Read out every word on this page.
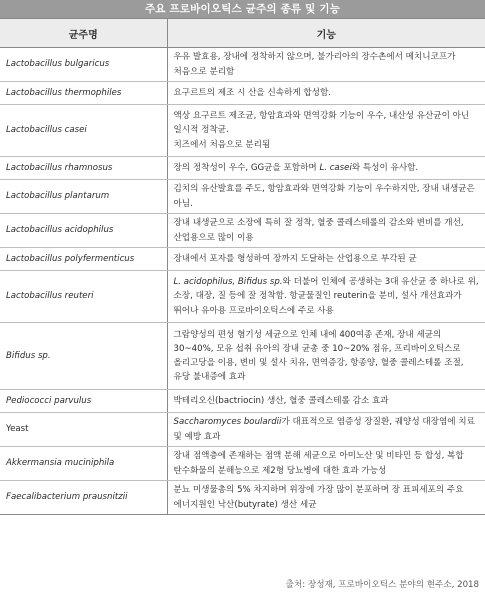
주요 프로바이오틱스 균주의 종류 및 기능
균주명	기능
Lactobacillus bulgaricus	우유 발효용, 장내에 정착하지 않으며, 불가리아의 장수촌에서 메치니코프가 처음으로 분리함
Lactobacillus thermophiles	요구르트의 제조 시 산을 신속하게 합성함.
Lactobacillus casei	액상 요구르트 제조균, 항암효과와 면역강화 기능이 우수, 내산성 유산균이 아닌 일시적 정착균.
치즈에서 처음으로 분리됨
Lactobacillus rhamnosus	장의 정착성이 우수, GG균을 포함하며 L. casei와 특성이 유사함.
Lactobacillus plantarum	김치의 유산발효를 주도, 항암효과와 면역강화 기능이 우수하지만, 장내 내생균은 아님.
Lactobacillus acidophilus	장내 내생균으로 소장에 특히 잘 정착, 혈중 콜레스테롤의 감소와 변비를 개선, 산업용으로 많이 이용
Lactobacillus polyfermenticus	장내에서 포자를 형성하여 장까지 도달하는 산업용으로 부각된 균
Lactobacillus reuteri	L. acidophilus, Bifidus sp.와 더불어 인체에 공생하는 3대 유산균 중 하나로 위, 소장, 대장, 질 등에 잘 정착함. 항균물질인 reuterin을 분비, 설사 개선효과가 뛰어나 유아용 프로바이오틱스에 주로 사용
Bifidus sp.	그람양성의 편성 혐기성 세균으로 인체 내에 400여종 존재, 장내 세균의 30~40%, 모유 섭취 유아의 장내 균총 중 10~20% 점유, 프리바이오틱스로 올리고당을 이용, 변비 및 설사 치유, 면역증강, 항종양, 혈중 콜레스테롤 조절, 유당 불내증에 효과
Pediococci parvulus	박테리오신(bactriocin) 생산, 혈중 콜레스테롤 감소 효과
Yeast	Saccharomyces boulardii가 대표적으로 염증성 장질환, 궤양성 대장염에 치료 및 예방 효과
Akkermansia muciniphila	장내 점액층에 존재하는 점액 분해 세균으로 아미노산 및 비타민 등 합성, 복합 탄수화물의 분해능으로 제2형 당뇨병에 대한 효과 가능성
Faecalibacterium prausnitzii	분뇨 미생물총의 5% 차지하며 위장에 가장 많이 분포하며 장 표피세포의 주요 에너지원인 낙산(butyrate) 생산 세균
출처: 장성재, 프로바이오틱스 분야의 현주소, 2018
